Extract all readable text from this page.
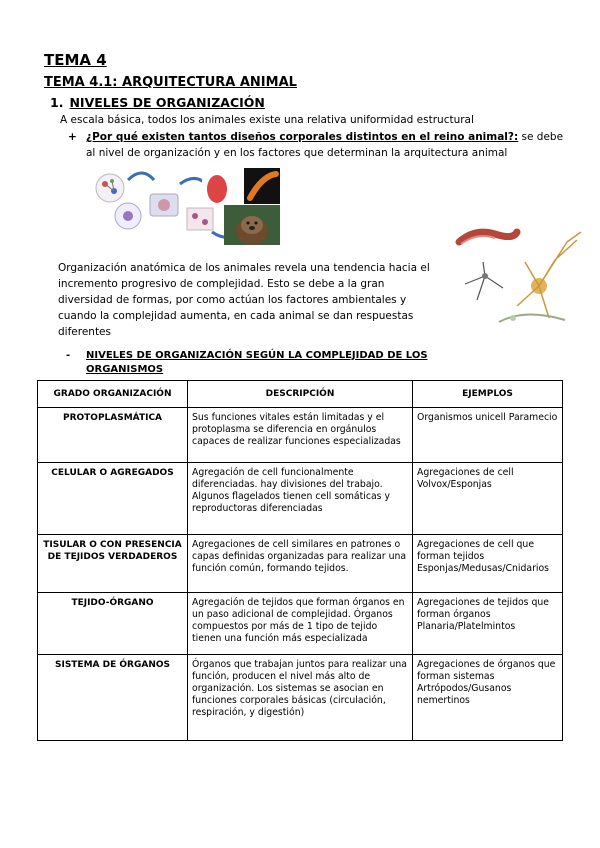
TEMA 4
TEMA 4.1: ARQUITECTURA ANIMAL
1. NIVELES DE ORGANIZACIÓN
A escala básica, todos los animales existe una relativa uniformidad estructural
+ ¿Por qué existen tantos diseños corporales distintos en el reino animal?: se debe al nivel de organización y en los factores que determinan la arquitectura animal
Organización anatómica de los animales revela una tendencia hacia el incremento progresivo de complejidad. Esto se debe a la gran diversidad de formas, por como actúan los factores ambientales y cuando la complejidad aumenta, en cada animal se dan respuestas diferentes
- NIVELES DE ORGANIZACIÓN SEGÚN LA COMPLEJIDAD DE LOS ORGANISMOS
GRADO ORGANIZACIÓN	DESCRIPCIÓN	EJEMPLOS
PROTOPLASMÁTICA	Sus funciones vitales están limitadas y el protoplasma se diferencia en orgánulos capaces de realizar funciones especializadas	Organismos unicell Paramecio
CELULAR O AGREGADOS	Agregación de cell funcionalmente diferenciadas. hay divisiones del trabajo. Algunos flagelados tienen cell somáticas y reproductoras diferenciadas	Agregaciones de cell Volvox/Esponjas
TISULAR O CON PRESENCIA DE TEJIDOS VERDADEROS	Agregaciones de cell similares en patrones o capas definidas organizadas para realizar una función común, formando tejidos.	Agregaciones de cell que forman tejidos Esponjas/Medusas/Cnidarios
TEJIDO-ÓRGANO	Agregación de tejidos que forman órganos en un paso adicional de complejidad. Órganos compuestos por más de 1 tipo de tejido tienen una función más especializada	Agregaciones de tejidos que forman órganos Planaria/Platelmintos
SISTEMA DE ÓRGANOS	Órganos que trabajan juntos para realizar una función, producen el nivel más alto de organización. Los sistemas se asocian en funciones corporales básicas (circulación, respiración, y digestión)	Agregaciones de órganos que forman sistemas Artrópodos/Gusanos nemertinos
